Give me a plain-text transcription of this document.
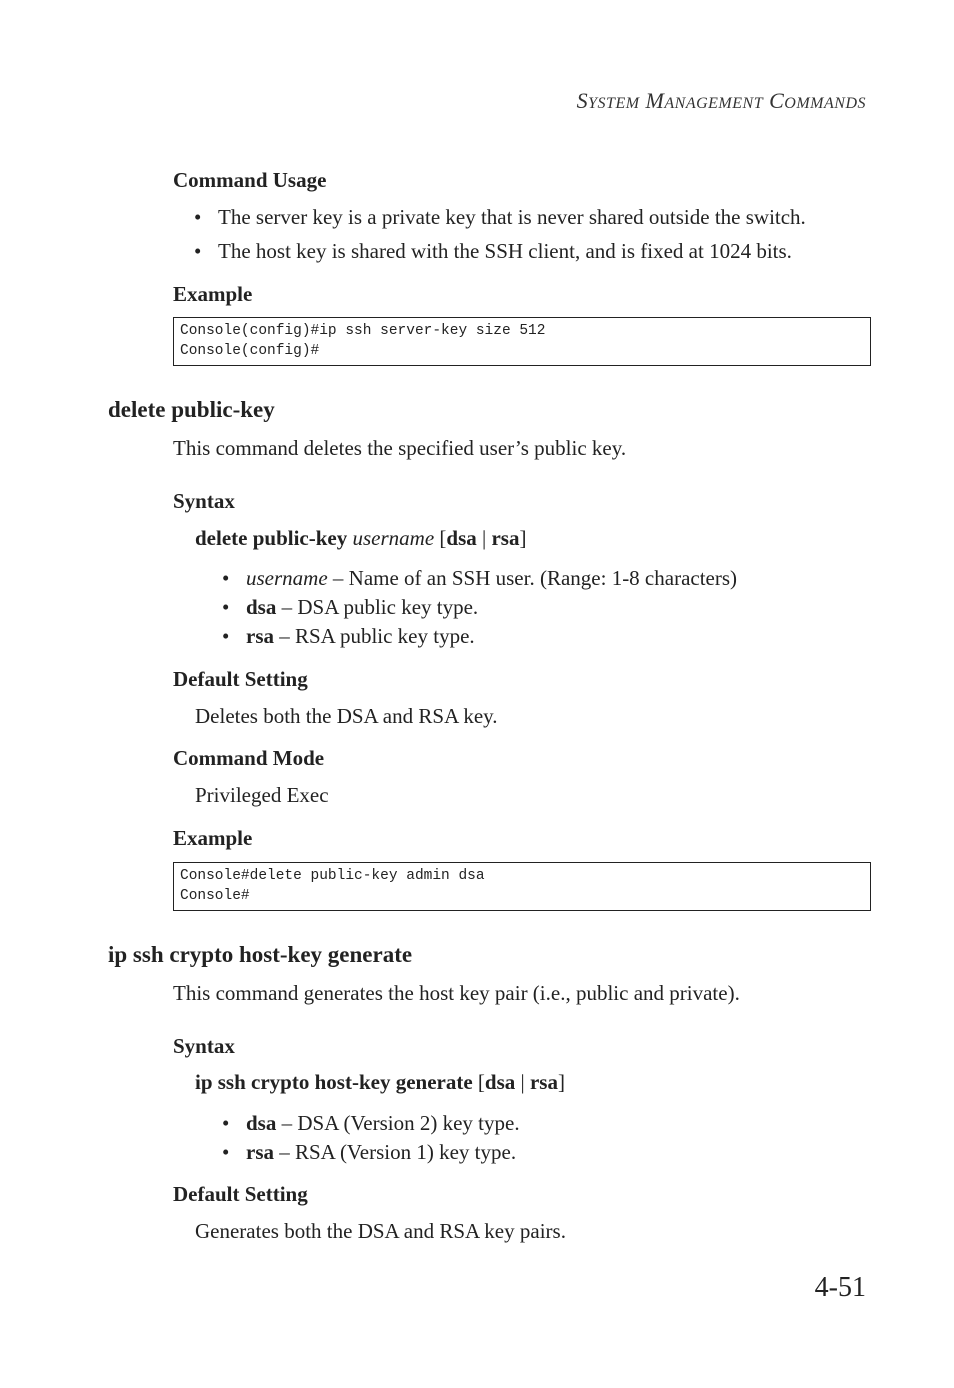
SYSTEM MANAGEMENT COMMANDS
Command Usage
• The server key is a private key that is never shared outside the switch.
• The host key is shared with the SSH client, and is fixed at 1024 bits.
Example
Console(config)#ip ssh server-key size 512
Console(config)#
delete public-key
This command deletes the specified user’s public key.
Syntax
delete public-key username [dsa | rsa]
• username – Name of an SSH user. (Range: 1-8 characters)
• dsa – DSA public key type.
• rsa – RSA public key type.
Default Setting
Deletes both the DSA and RSA key.
Command Mode
Privileged Exec
Example
Console#delete public-key admin dsa
Console#
ip ssh crypto host-key generate
This command generates the host key pair (i.e., public and private).
Syntax
ip ssh crypto host-key generate [dsa | rsa]
• dsa – DSA (Version 2) key type.
• rsa – RSA (Version 1) key type.
Default Setting
Generates both the DSA and RSA key pairs.
4-51
